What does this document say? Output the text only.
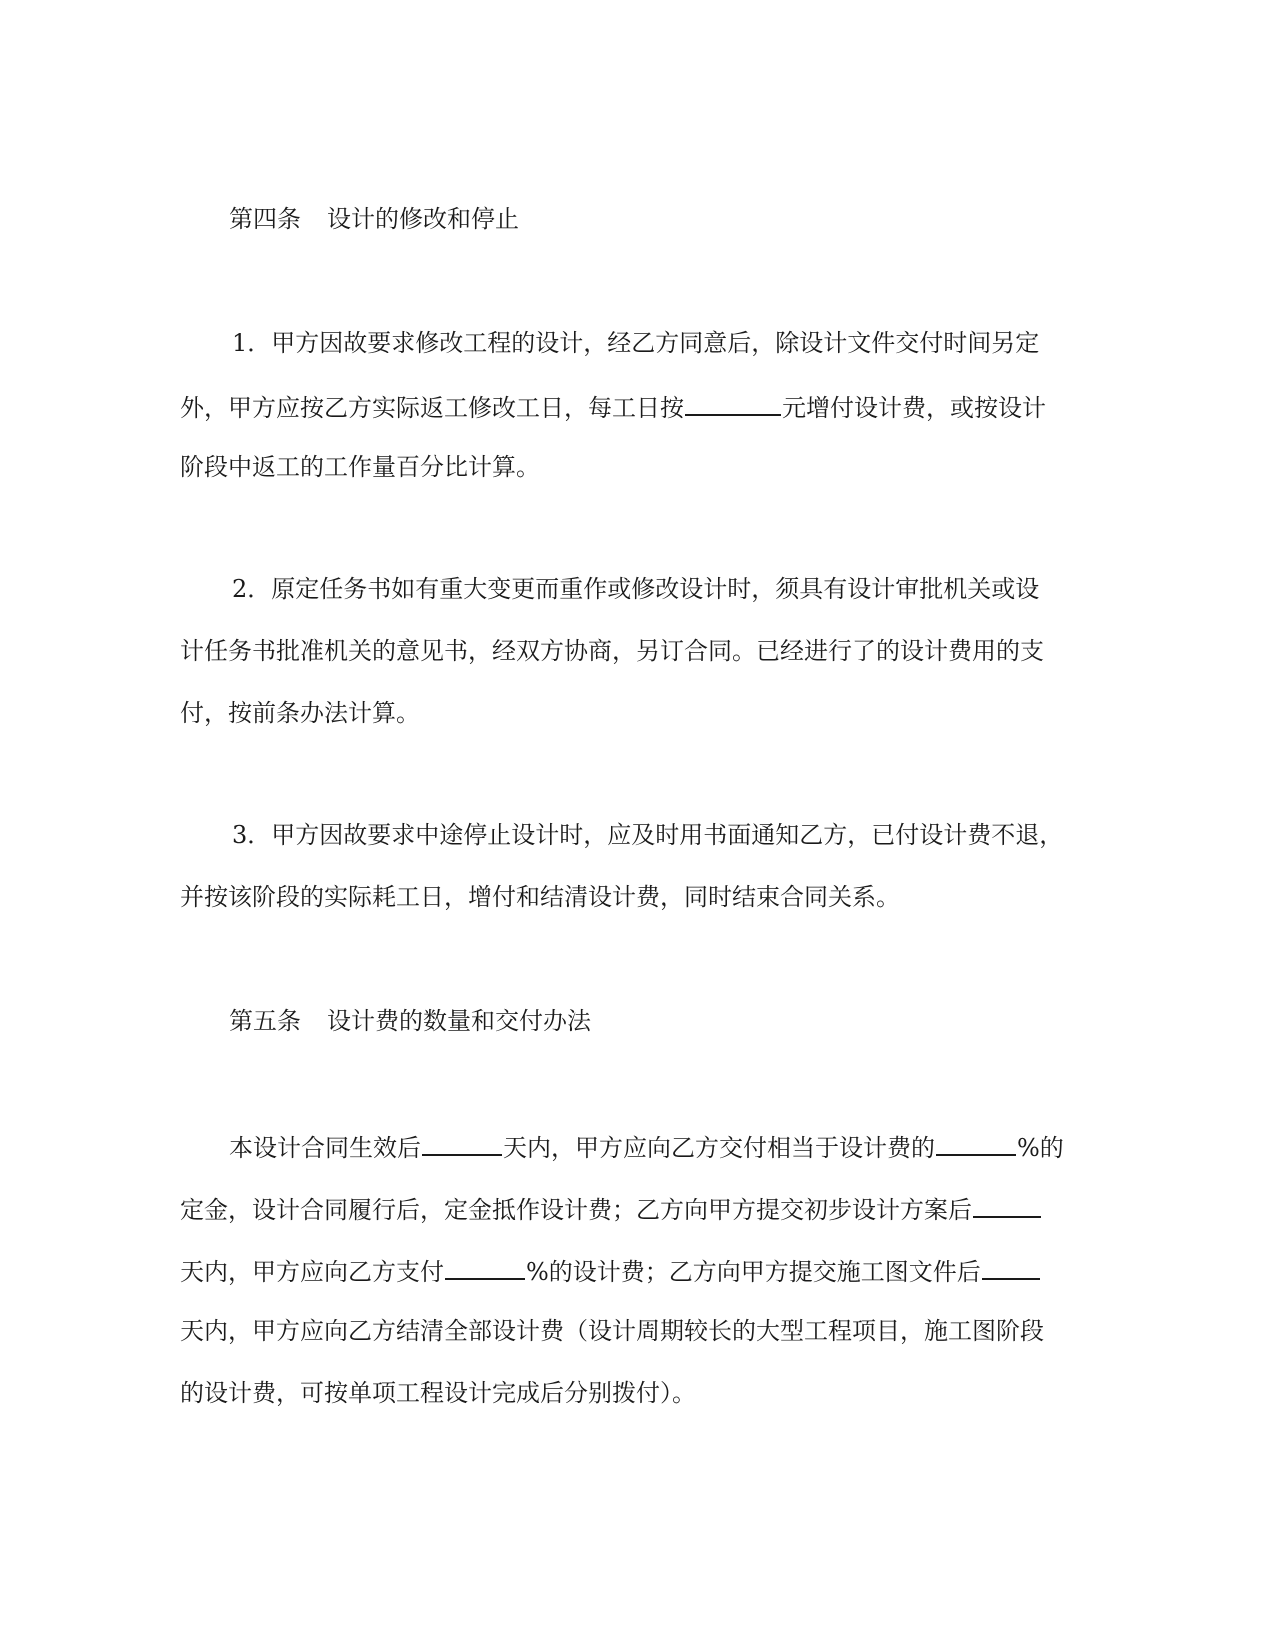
第四条 设计的修改和停止
1．甲方因故要求修改工程的设计，经乙方同意后，除设计文件交付时间另定
外，甲方应按乙方实际返工修改工日，每工日按	元增付设计费，或按设计
阶段中返工的工作量百分比计算。
2．原定任务书如有重大变更而重作或修改设计时，须具有设计审批机关或设
计任务书批准机关的意见书，经双方协商，另订合同。已经进行了的设计费用的支
付，按前条办法计算。
3．甲方因故要求中途停止设计时，应及时用书面通知乙方，已付设计费不退，
并按该阶段的实际耗工日，增付和结清设计费，同时结束合同关系。
第五条 设计费的数量和交付办法
本设计合同生效后	天内，甲方应向乙方交付相当于设计费的	%的
定金，设计合同履行后，定金抵作设计费；乙方向甲方提交初步设计方案后
天内，甲方应向乙方支付	%的设计费；乙方向甲方提交施工图文件后
天内，甲方应向乙方结清全部设计费（设计周期较长的大型工程项目，施工图阶段
的设计费，可按单项工程设计完成后分别拨付）。
